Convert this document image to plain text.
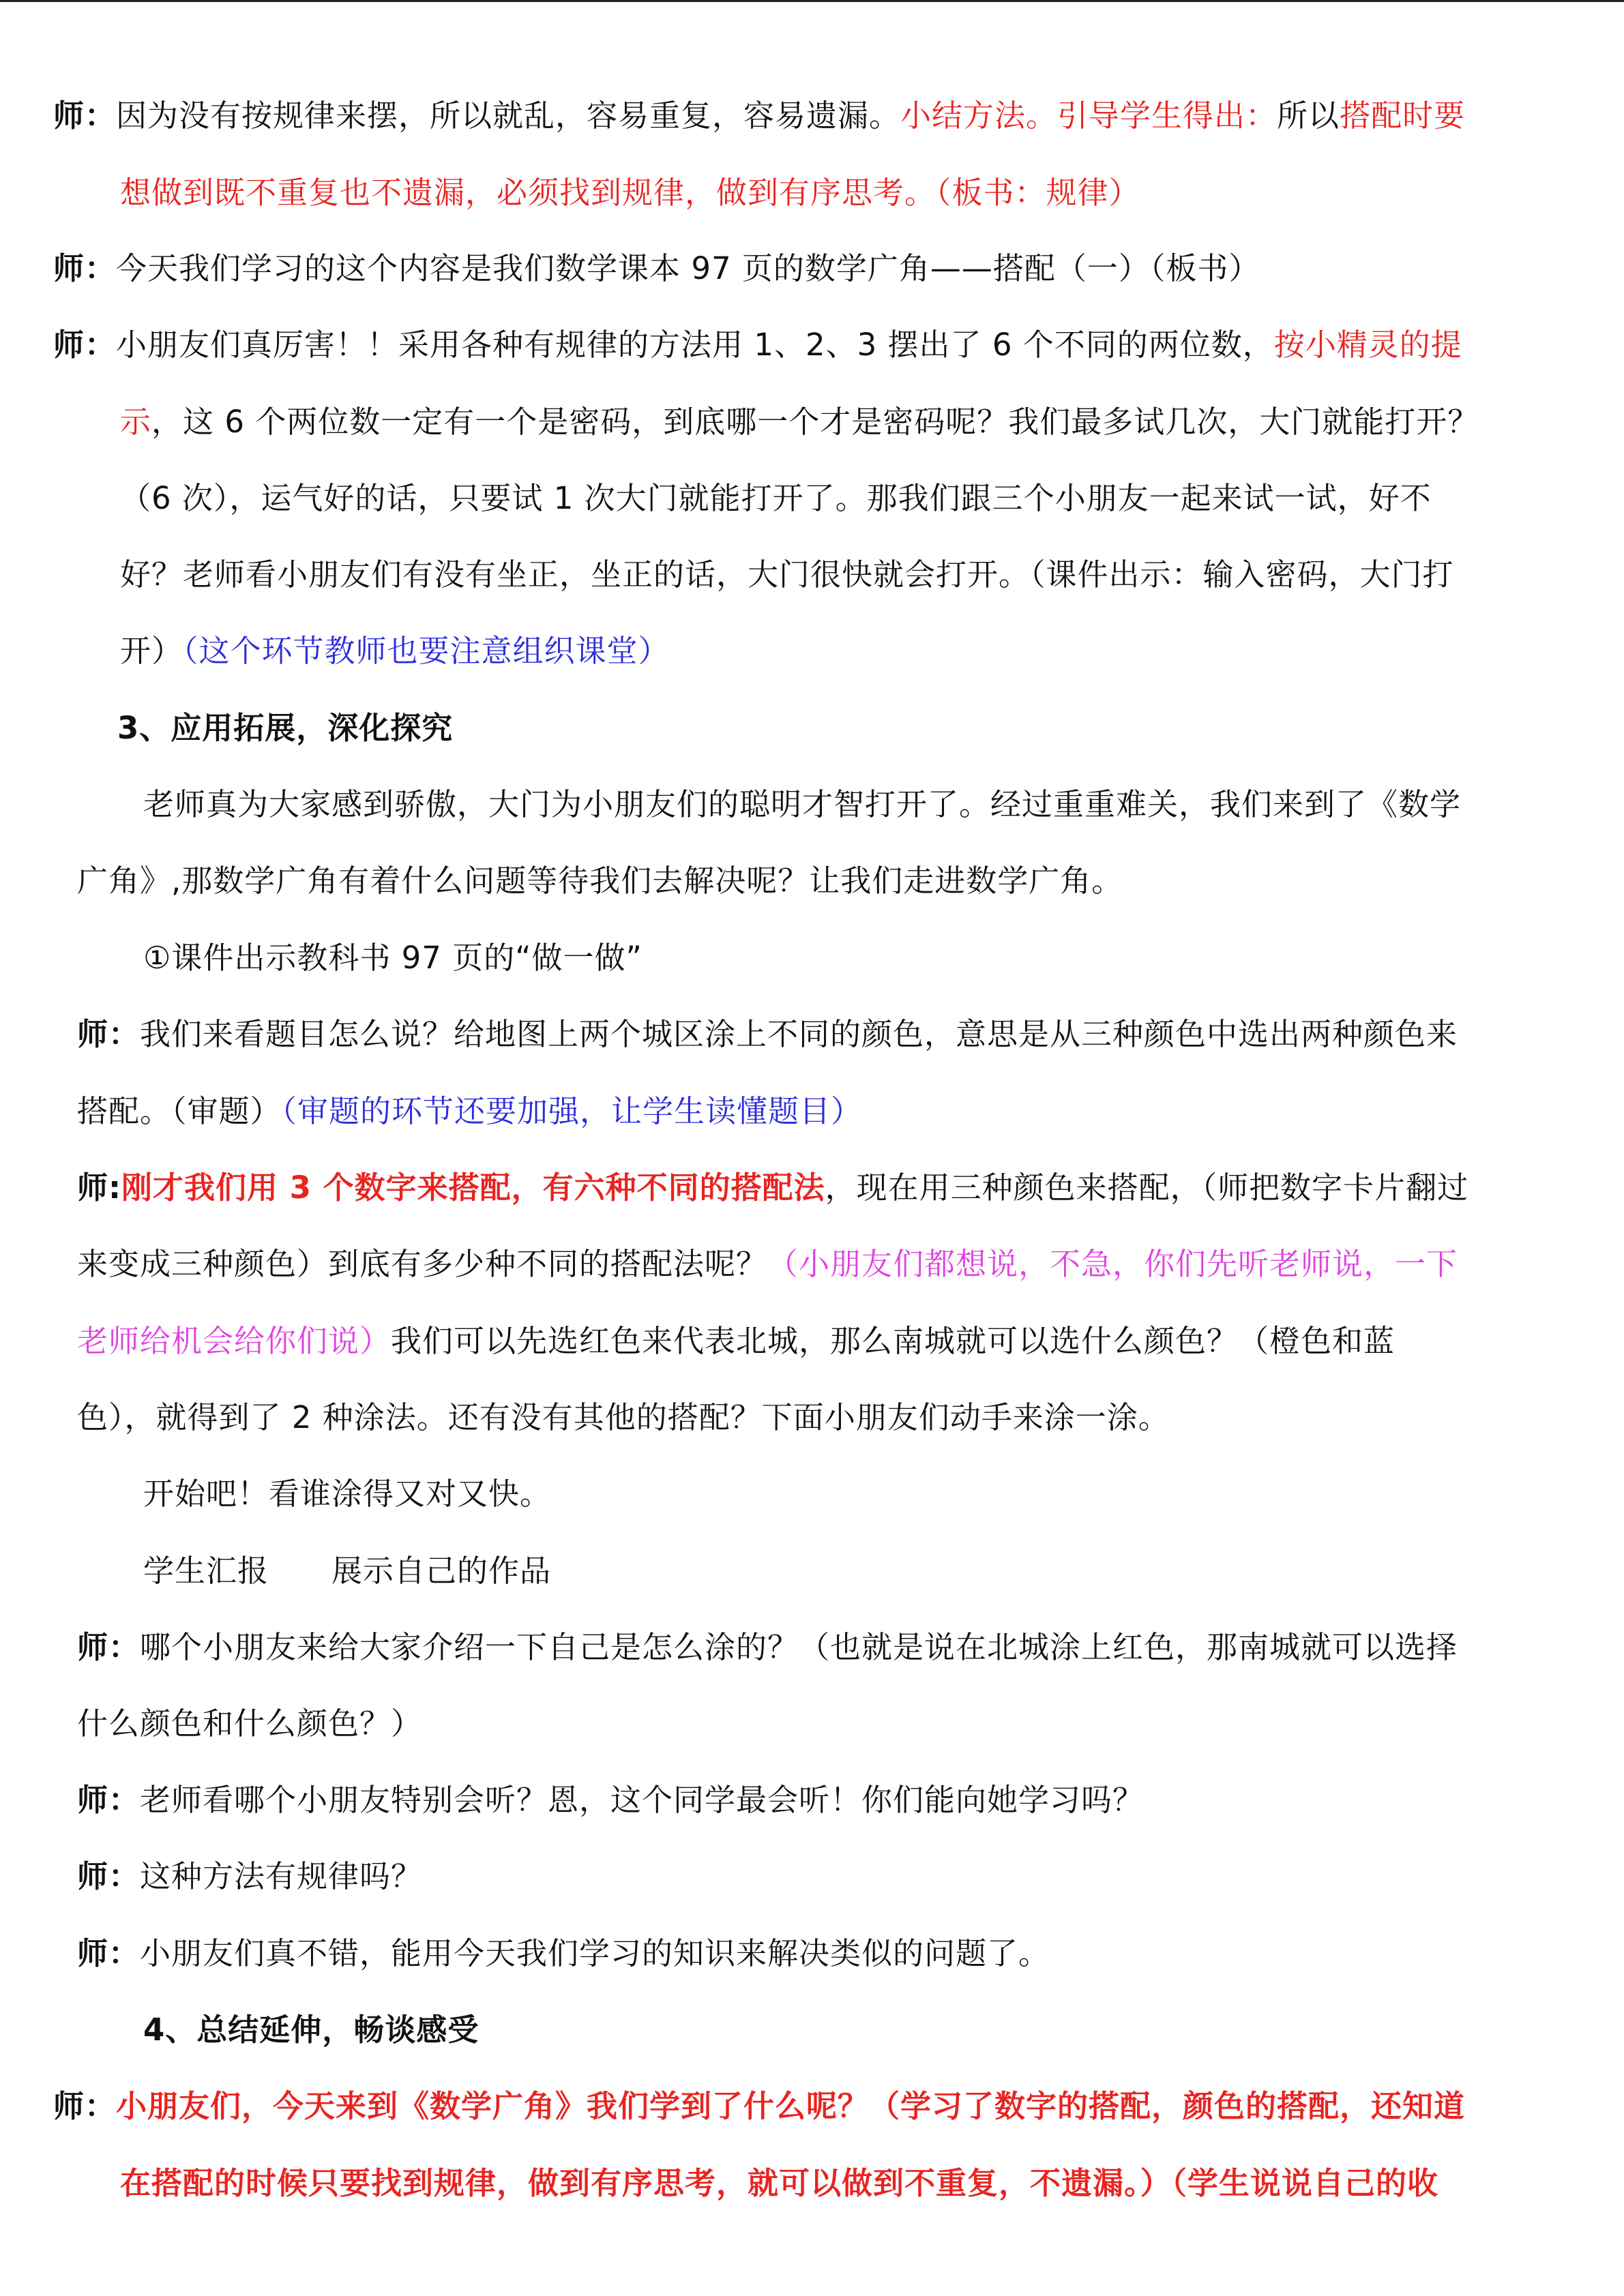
师：因为没有按规律来摆，所以就乱，容易重复，容易遗漏。小结方法。引导学生得出：所以搭配时要
想做到既不重复也不遗漏，必须找到规律，做到有序思考。（板书：规律）
师：今天我们学习的这个内容是我们数学课本 97 页的数学广角——搭配（一）（板书）
师：小朋友们真厉害！！采用各种有规律的方法用 1、2、3 摆出了 6 个不同的两位数，按小精灵的提
示，这 6 个两位数一定有一个是密码，到底哪一个才是密码呢？我们最多试几次，大门就能打开？
（6 次），运气好的话，只要试 1 次大门就能打开了。那我们跟三个小朋友一起来试一试，好不
好？老师看小朋友们有没有坐正，坐正的话，大门很快就会打开。（课件出示：输入密码，大门打
开）（这个环节教师也要注意组织课堂）
3、应用拓展，深化探究
老师真为大家感到骄傲，大门为小朋友们的聪明才智打开了。经过重重难关，我们来到了《数学
广角》,那数学广角有着什么问题等待我们去解决呢？让我们走进数学广角。
①课件出示教科书 97 页的“做一做”
师：我们来看题目怎么说？给地图上两个城区涂上不同的颜色，意思是从三种颜色中选出两种颜色来
搭配。（审题）（审题的环节还要加强，让学生读懂题目）
师:刚才我们用 3 个数字来搭配，有六种不同的搭配法，现在用三种颜色来搭配，（师把数字卡片翻过
来变成三种颜色）到底有多少种不同的搭配法呢？（小朋友们都想说，不急，你们先听老师说，一下
老师给机会给你们说）我们可以先选红色来代表北城，那么南城就可以选什么颜色？（橙色和蓝
色），就得到了 2 种涂法。还有没有其他的搭配？下面小朋友们动手来涂一涂。
开始吧！看谁涂得又对又快。
学生汇报 展示自己的作品
师：哪个小朋友来给大家介绍一下自己是怎么涂的？（也就是说在北城涂上红色，那南城就可以选择
什么颜色和什么颜色？）
师：老师看哪个小朋友特别会听？恩，这个同学最会听！你们能向她学习吗？
师：这种方法有规律吗？
师：小朋友们真不错，能用今天我们学习的知识来解决类似的问题了。
4、总结延伸，畅谈感受
师：小朋友们，今天来到《数学广角》我们学到了什么呢？（学习了数字的搭配，颜色的搭配，还知道
在搭配的时候只要找到规律，做到有序思考，就可以做到不重复，不遗漏。）（学生说说自己的收
